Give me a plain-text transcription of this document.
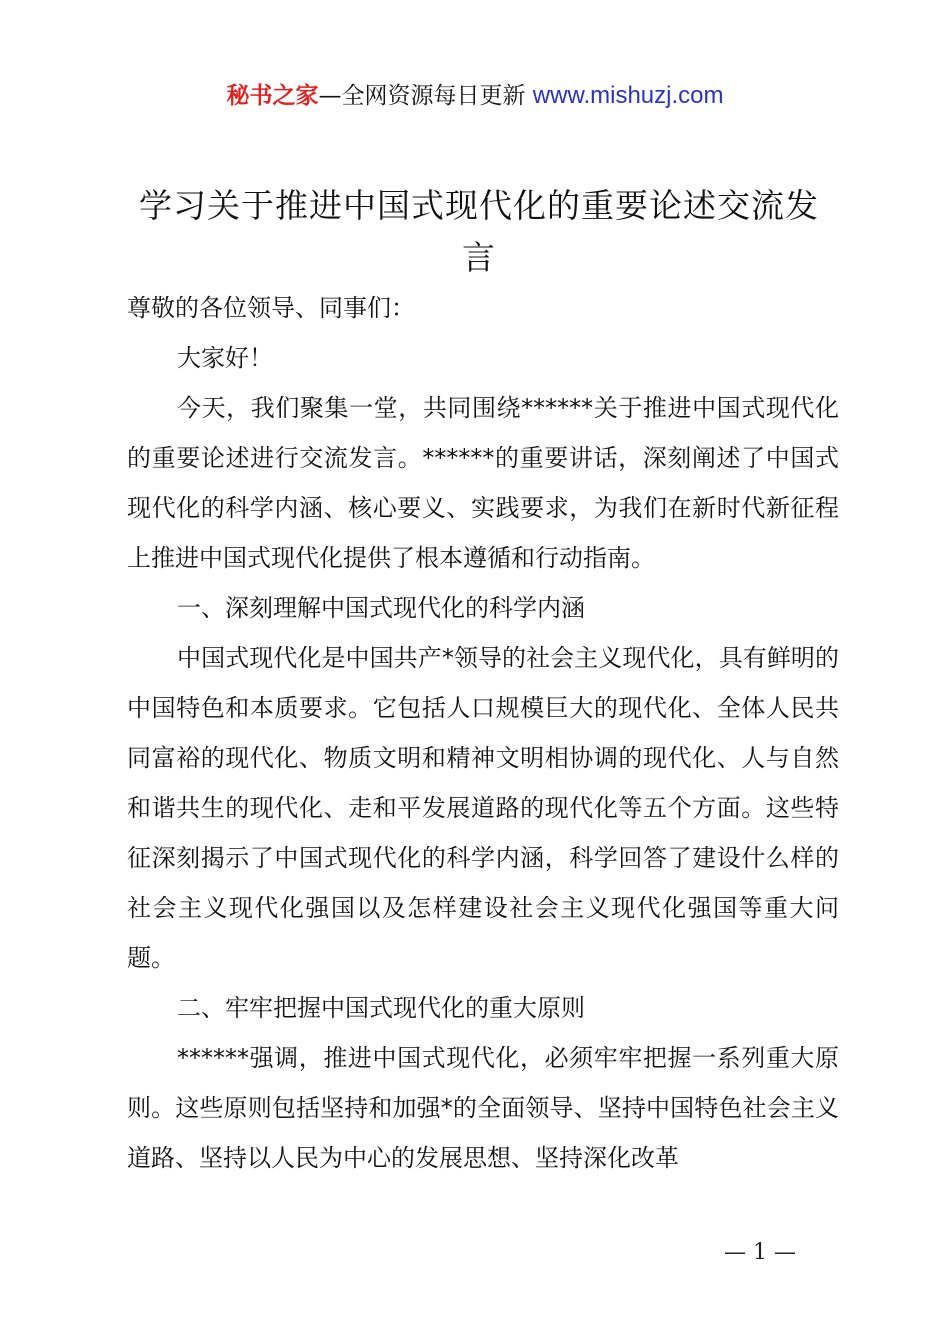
秘书之家—全网资源每日更新 www.mishuzj.com
学习关于推进中国式现代化的重要论述交流发言

尊敬的各位领导、同事们：

大家好！

今天，我们聚集一堂，共同围绕******关于推进中国式现代化的重要论述进行交流发言。******的重要讲话，深刻阐述了中国式现代化的科学内涵、核心要义、实践要求，为我们在新时代新征程上推进中国式现代化提供了根本遵循和行动指南。

一、深刻理解中国式现代化的科学内涵

中国式现代化是中国共产*领导的社会主义现代化，具有鲜明的中国特色和本质要求。它包括人口规模巨大的现代化、全体人民共同富裕的现代化、物质文明和精神文明相协调的现代化、人与自然和谐共生的现代化、走和平发展道路的现代化等五个方面。这些特征深刻揭示了中国式现代化的科学内涵，科学回答了建设什么样的社会主义现代化强国以及怎样建设社会主义现代化强国等重大问题。

二、牢牢把握中国式现代化的重大原则

******强调，推进中国式现代化，必须牢牢把握一系列重大原则。这些原则包括坚持和加强*的全面领导、坚持中国特色社会主义道路、坚持以人民为中心的发展思想、坚持深化改革

— 1 —
